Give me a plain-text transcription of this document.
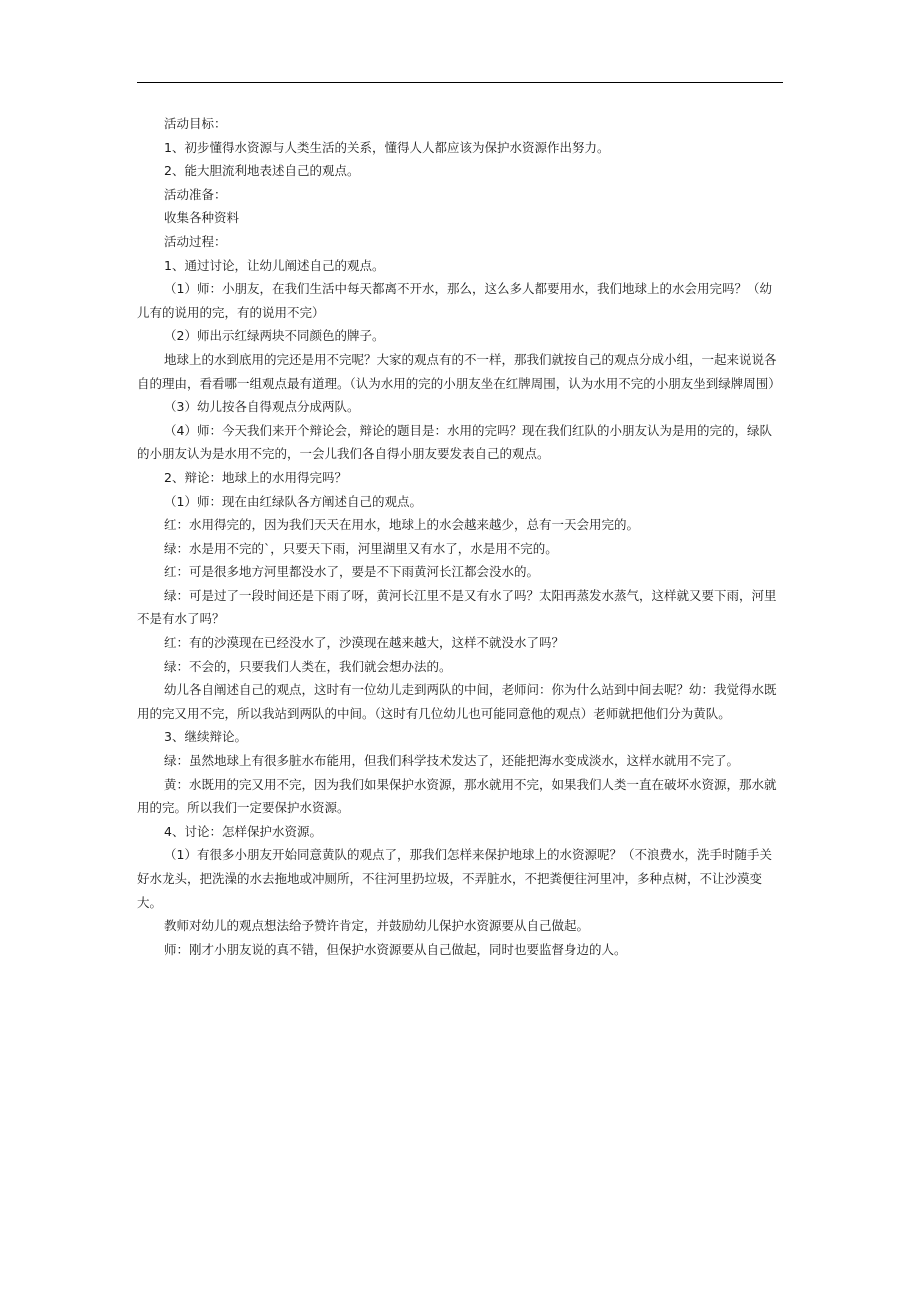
活动目标：

1、初步懂得水资源与人类生活的关系，懂得人人都应该为保护水资源作出努力。

2、能大胆流利地表述自己的观点。

活动准备：

收集各种资料

活动过程：

1、通过讨论，让幼儿阐述自己的观点。

（1）师：小朋友，在我们生活中每天都离不开水，那么，这么多人都要用水，我们地球上的水会用完吗？（幼儿有的说用的完，有的说用不完）

（2）师出示红绿两块不同颜色的牌子。

地球上的水到底用的完还是用不完呢？大家的观点有的不一样，那我们就按自己的观点分成小组，一起来说说各自的理由，看看哪一组观点最有道理。（认为水用的完的小朋友坐在红牌周围，认为水用不完的小朋友坐到绿牌周围）

（3）幼儿按各自得观点分成两队。

（4）师：今天我们来开个辩论会，辩论的题目是：水用的完吗？现在我们红队的小朋友认为是用的完的，绿队的小朋友认为是水用不完的，一会儿我们各自得小朋友要发表自己的观点。

2、辩论：地球上的水用得完吗？

（1）师：现在由红绿队各方阐述自己的观点。

红：水用得完的，因为我们天天在用水，地球上的水会越来越少，总有一天会用完的。

绿：水是用不完的`，只要天下雨，河里湖里又有水了，水是用不完的。

红：可是很多地方河里都没水了，要是不下雨黄河长江都会没水的。

绿：可是过了一段时间还是下雨了呀，黄河长江里不是又有水了吗？太阳再蒸发水蒸气，这样就又要下雨，河里不是有水了吗？

红：有的沙漠现在已经没水了，沙漠现在越来越大，这样不就没水了吗？

绿：不会的，只要我们人类在，我们就会想办法的。

幼儿各自阐述自己的观点，这时有一位幼儿走到两队的中间，老师问：你为什么站到中间去呢？幼：我觉得水既用的完又用不完，所以我站到两队的中间。（这时有几位幼儿也可能同意他的观点）老师就把他们分为黄队。

3、继续辩论。

绿：虽然地球上有很多脏水布能用，但我们科学技术发达了，还能把海水变成淡水，这样水就用不完了。

黄：水既用的完又用不完，因为我们如果保护水资源，那水就用不完，如果我们人类一直在破坏水资源，那水就用的完。所以我们一定要保护水资源。

4、讨论：怎样保护水资源。

（1）有很多小朋友开始同意黄队的观点了，那我们怎样来保护地球上的水资源呢？（不浪费水，洗手时随手关好水龙头，把洗澡的水去拖地或冲厕所，不往河里扔垃圾，不弄脏水，不把粪便往河里冲，多种点树，不让沙漠变大。

教师对幼儿的观点想法给予赞许肯定，并鼓励幼儿保护水资源要从自己做起。

师：刚才小朋友说的真不错，但保护水资源要从自己做起，同时也要监督身边的人。
